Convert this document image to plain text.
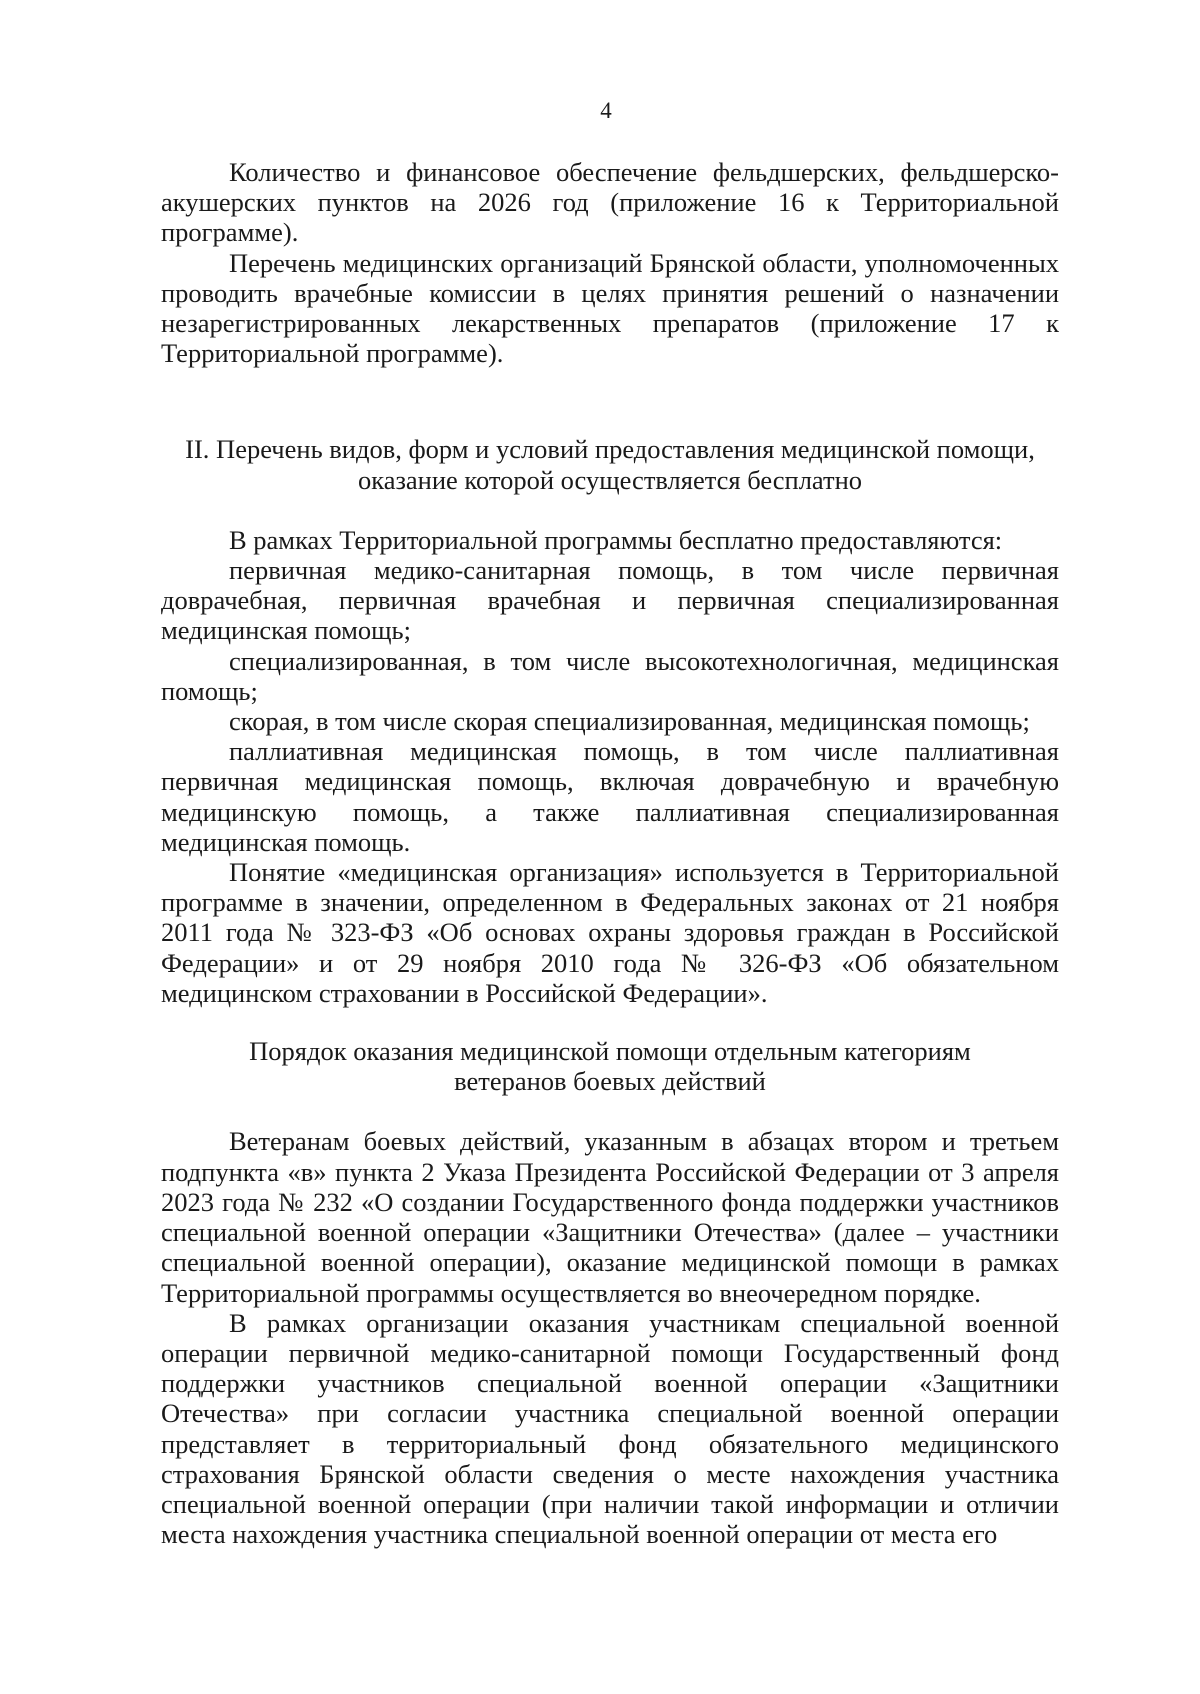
4

Количество и финансовое обеспечение фельдшерских, фельдшерско-акушерских пунктов на 2026 год (приложение 16 к Территориальной программе).

Перечень медицинских организаций Брянской области, уполномоченных проводить врачебные комиссии в целях принятия решений о назначении незарегистрированных лекарственных препаратов (приложение 17 к Территориальной программе).

II. Перечень видов, форм и условий предоставления медицинской помощи,
оказание которой осуществляется бесплатно

В рамках Территориальной программы бесплатно предоставляются:

первичная медико-санитарная помощь, в том числе первичная доврачебная, первичная врачебная и первичная специализированная медицинская помощь;

специализированная, в том числе высокотехнологичная, медицинская помощь;

скорая, в том числе скорая специализированная, медицинская помощь;

паллиативная медицинская помощь, в том числе паллиативная первичная медицинская помощь, включая доврачебную и врачебную медицинскую помощь, а также паллиативная специализированная медицинская помощь.

Понятие «медицинская организация» используется в Территориальной программе в значении, определенном в Федеральных законах от 21 ноября 2011 года № 323-ФЗ «Об основах охраны здоровья граждан в Российской Федерации» и от 29 ноября 2010 года № 326-ФЗ «Об обязательном медицинском страховании в Российской Федерации».

Порядок оказания медицинской помощи отдельным категориям
ветеранов боевых действий

Ветеранам боевых действий, указанным в абзацах втором и третьем подпункта «в» пункта 2 Указа Президента Российской Федерации от 3 апреля 2023 года № 232 «О создании Государственного фонда поддержки участников специальной военной операции «Защитники Отечества» (далее – участники специальной военной операции), оказание медицинской помощи в рамках Территориальной программы осуществляется во внеочередном порядке.

В рамках организации оказания участникам специальной военной операции первичной медико-санитарной помощи Государственный фонд поддержки участников специальной военной операции «Защитники Отечества» при согласии участника специальной военной операции представляет в территориальный фонд обязательного медицинского страхования Брянской области сведения о месте нахождения участника специальной военной операции (при наличии такой информации и отличии места нахождения участника специальной военной операции от места его
